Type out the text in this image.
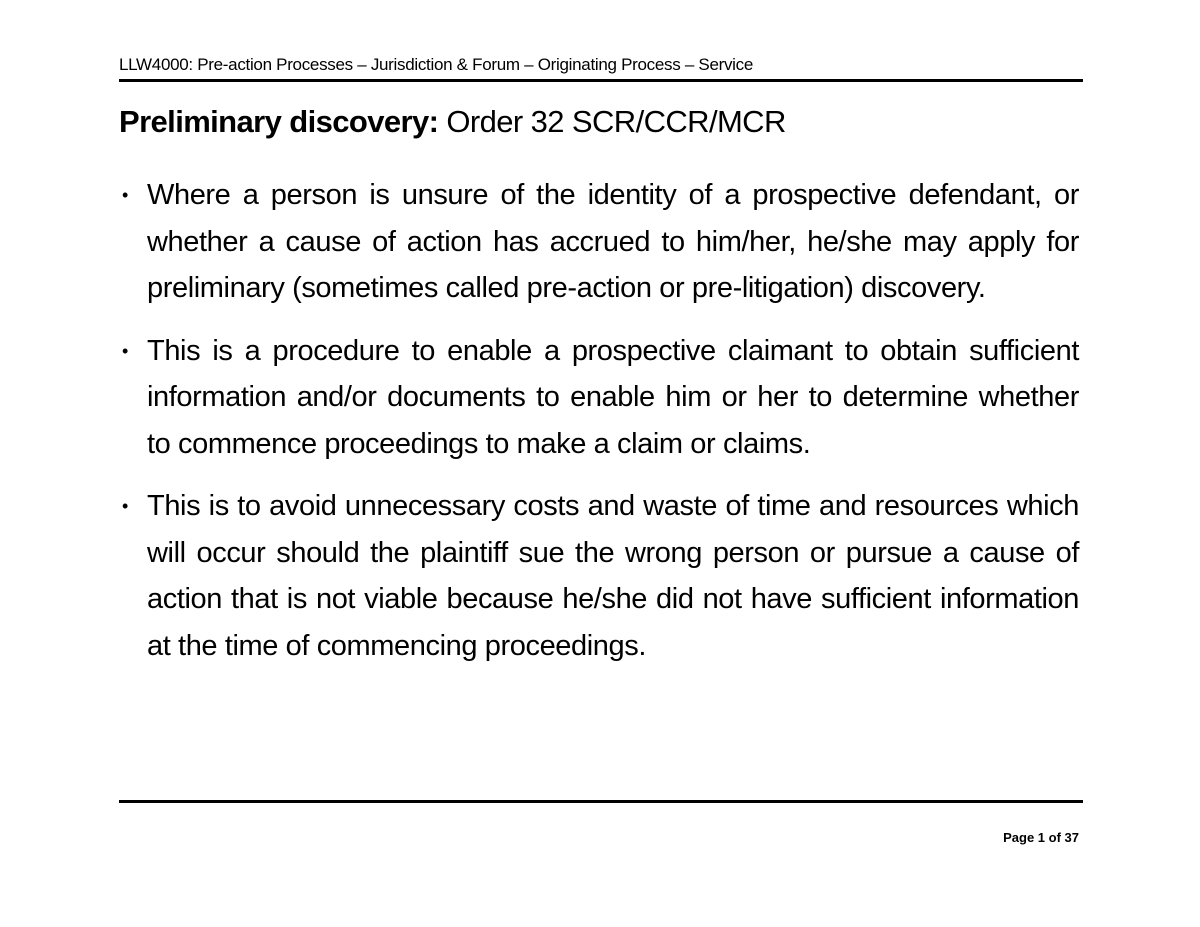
LLW4000: Pre-action Processes – Jurisdiction & Forum – Originating Process – Service
Preliminary discovery: Order 32 SCR/CCR/MCR
• Where a person is unsure of the identity of a prospective defendant, or whether a cause of action has accrued to him/her, he/she may apply for preliminary (sometimes called pre-action or pre-litigation) discovery.
• This is a procedure to enable a prospective claimant to obtain sufficient information and/or documents to enable him or her to determine whether to commence proceedings to make a claim or claims.
• This is to avoid unnecessary costs and waste of time and resources which will occur should the plaintiff sue the wrong person or pursue a cause of action that is not viable because he/she did not have sufficient information at the time of commencing proceedings.
Page 1 of 37
